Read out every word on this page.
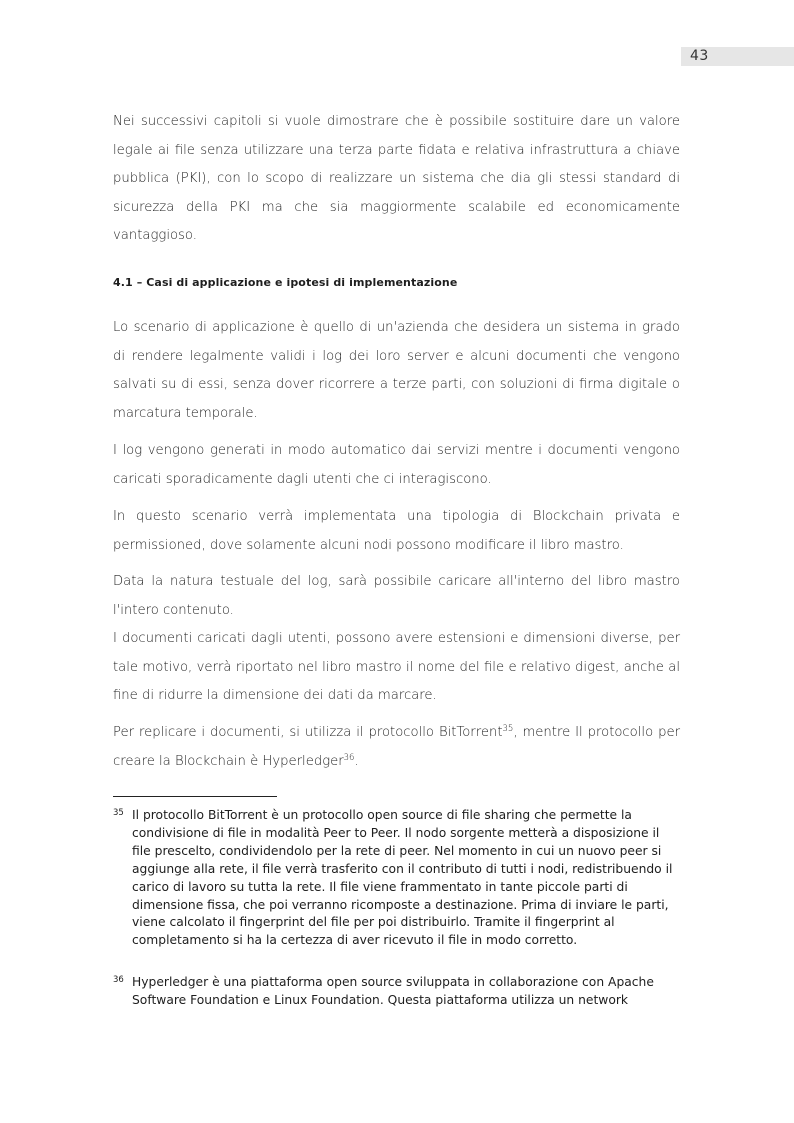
43

Nei successivi capitoli si vuole dimostrare che è possibile sostituire dare un valore legale ai file senza utilizzare una terza parte fidata e relativa infrastruttura a chiave pubblica (PKI), con lo scopo di realizzare un sistema che dia gli stessi standard di sicurezza della PKI ma che sia maggiormente scalabile ed economicamente vantaggioso.

4.1 – Casi di applicazione e ipotesi di implementazione

Lo scenario di applicazione è quello di un'azienda che desidera un sistema in grado di rendere legalmente validi i log dei loro server e alcuni documenti che vengono salvati su di essi, senza dover ricorrere a terze parti, con soluzioni di firma digitale o marcatura temporale.

I log vengono generati in modo automatico dai servizi mentre i documenti vengono caricati sporadicamente dagli utenti che ci interagiscono.

In questo scenario verrà implementata una tipologia di Blockchain privata e permissioned, dove solamente alcuni nodi possono modificare il libro mastro.

Data la natura testuale del log, sarà possibile caricare all'interno del libro mastro l'intero contenuto.

I documenti caricati dagli utenti, possono avere estensioni e dimensioni diverse, per tale motivo, verrà riportato nel libro mastro il nome del file e relativo digest, anche al fine di ridurre la dimensione dei dati da marcare.

Per replicare i documenti, si utilizza il protocollo BitTorrent$^{35}$, mentre Il protocollo per creare la Blockchain è Hyperledger$^{36}$.

35 Il protocollo BitTorrent è un protocollo open source di file sharing che permette la condivisione di file in modalità Peer to Peer. Il nodo sorgente metterà a disposizione il file prescelto, condividendolo per la rete di peer. Nel momento in cui un nuovo peer si aggiunge alla rete, il file verrà trasferito con il contributo di tutti i nodi, redistribuendo il carico di lavoro su tutta la rete. Il file viene frammentato in tante piccole parti di dimensione fissa, che poi verranno ricomposte a destinazione. Prima di inviare le parti, viene calcolato il fingerprint del file per poi distribuirlo. Tramite il fingerprint al completamento si ha la certezza di aver ricevuto il file in modo corretto.
36 Hyperledger è una piattaforma open source sviluppata in collaborazione con Apache Software Foundation e Linux Foundation. Questa piattaforma utilizza un network
